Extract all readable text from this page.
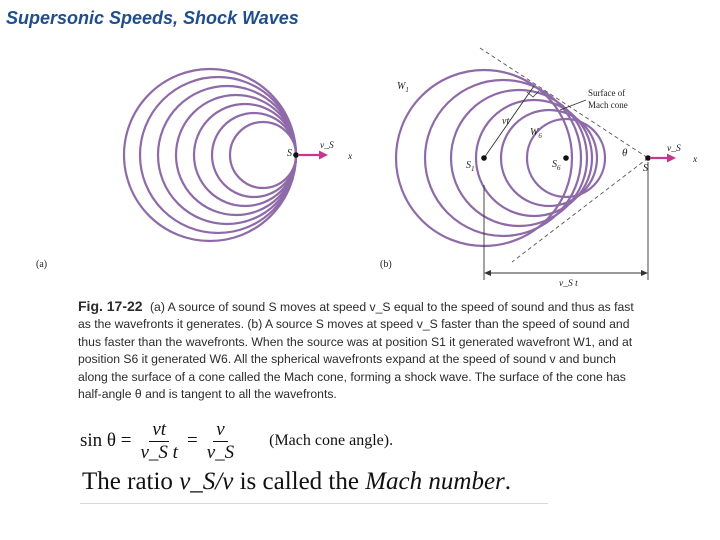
Supersonic Speeds, Shock Waves
S
v_S
x
(a)
$W_1$
$W_6$
vt
$S_1$	$S_6$
θ
S
v_S
x
Surface of
Mach cone
v_S t
(b)
Fig. 17-22 (a) A source of sound S moves at speed v_S equal to the speed of sound and thus as fast as the wavefronts it generates. (b) A source S moves at speed v_S faster than the speed of sound and thus faster than the wavefronts. When the source was at position S1 it generated wavefront W1, and at position S6 it generated W6. All the spherical wavefronts expand at the speed of sound v and bunch along the surface of a cone called the Mach cone, forming a shock wave. The surface of the cone has half-angle θ and is tangent to all the wavefronts.
$\sin \theta = \frac{vt}{\text{v\_S t}} = \frac{v}{v\_S}$ (Mach cone angle).
The ratio v_S/v is called the Mach number.
